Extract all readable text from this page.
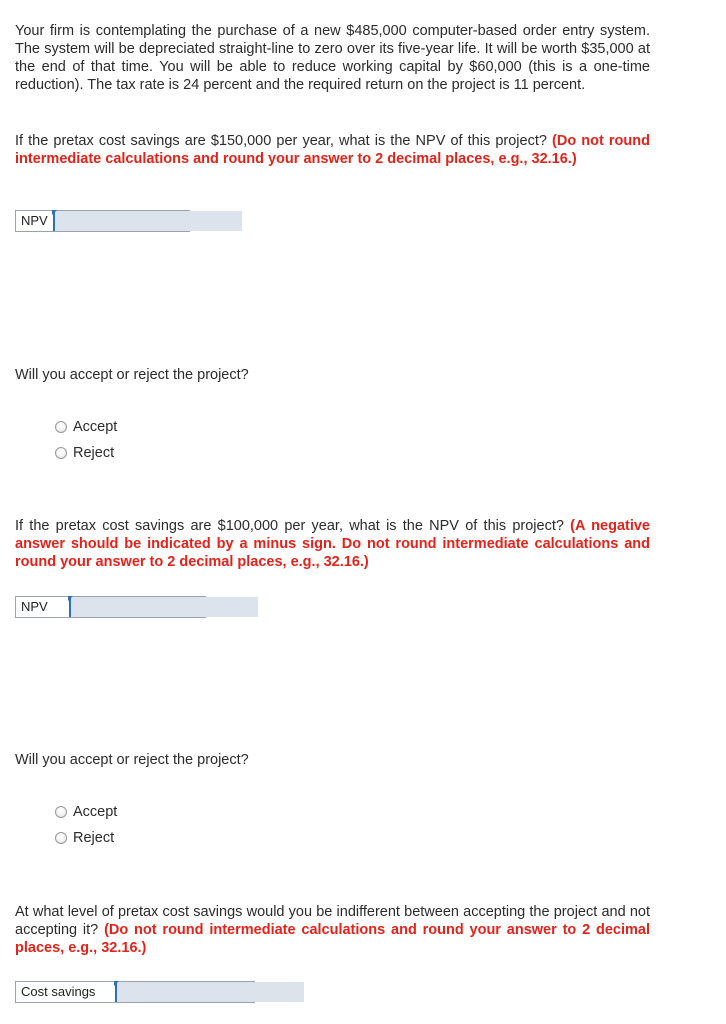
Your firm is contemplating the purchase of a new $485,000 computer-based order entry system. The system will be depreciated straight-line to zero over its five-year life. It will be worth $35,000 at the end of that time. You will be able to reduce working capital by $60,000 (this is a one-time reduction). The tax rate is 24 percent and the required return on the project is 11 percent.

If the pretax cost savings are $150,000 per year, what is the NPV of this project? (Do not round intermediate calculations and round your answer to 2 decimal places, e.g., 32.16.)

NPV

Will you accept or reject the project?

Accept
Reject

If the pretax cost savings are $100,000 per year, what is the NPV of this project? (A negative answer should be indicated by a minus sign. Do not round intermediate calculations and round your answer to 2 decimal places, e.g., 32.16.)

NPV

Will you accept or reject the project?

Accept
Reject

At what level of pretax cost savings would you be indifferent between accepting the project and not accepting it? (Do not round intermediate calculations and round your answer to 2 decimal places, e.g., 32.16.)

Cost savings
